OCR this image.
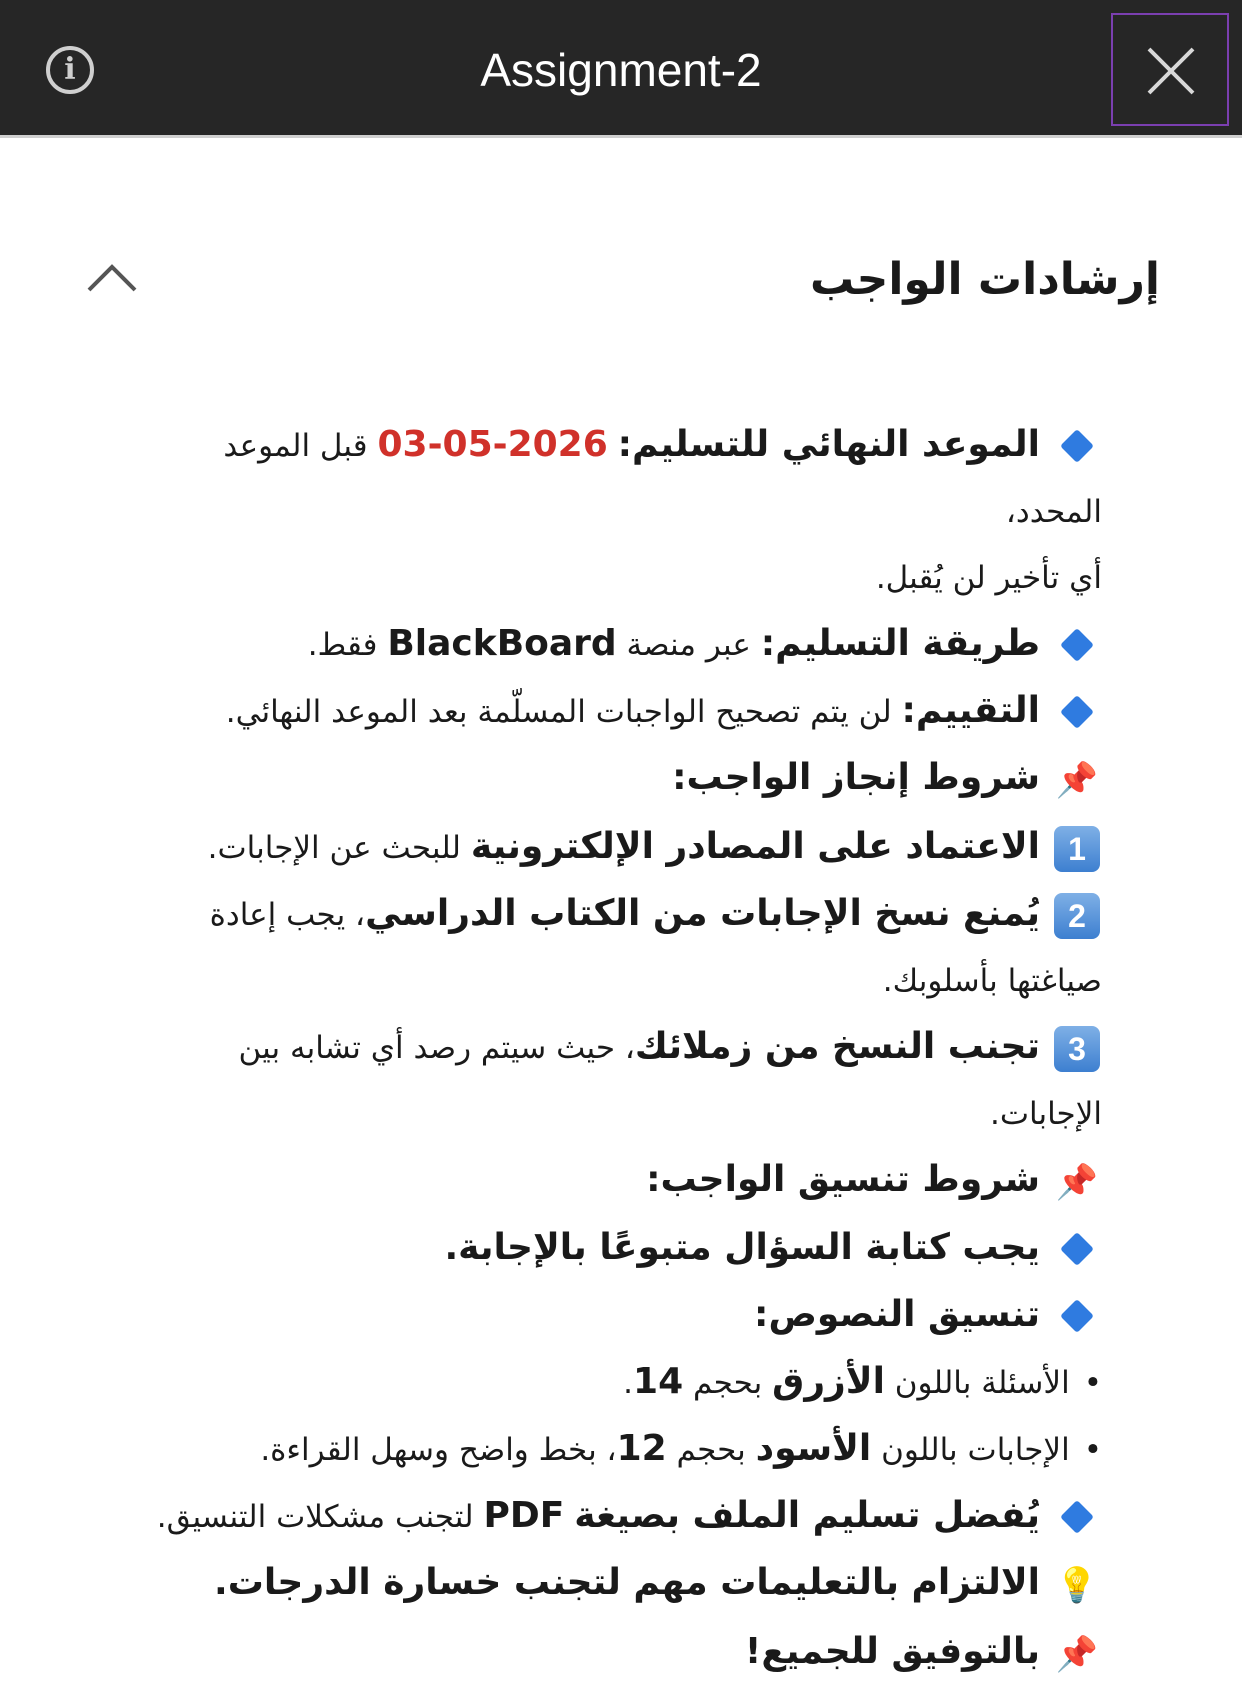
i	Assignment-2
إرشادات الواجب

الموعد النهائي للتسليم: 2026-05-03 قبل الموعد المحدد،

أي تأخير لن يُقبل.

طريقة التسليم: عبر منصة BlackBoard فقط.

التقييم: لن يتم تصحيح الواجبات المسلّمة بعد الموعد النهائي.

📌شروط إنجاز الواجب:

1الاعتماد على المصادر الإلكترونية للبحث عن الإجابات.

2يُمنع نسخ الإجابات من الكتاب الدراسي، يجب إعادة

صياغتها بأسلوبك.

3تجنب النسخ من زملائك، حيث سيتم رصد أي تشابه بين

الإجابات.

📌شروط تنسيق الواجب:

يجب كتابة السؤال متبوعًا بالإجابة.

تنسيق النصوص:

•الأسئلة باللون الأزرق بحجم 14.

•الإجابات باللون الأسود بحجم 12، بخط واضح وسهل القراءة.

يُفضل تسليم الملف بصيغة PDF لتجنب مشكلات التنسيق.

💡الالتزام بالتعليمات مهم لتجنب خسارة الدرجات.

📌بالتوفيق للجميع!
